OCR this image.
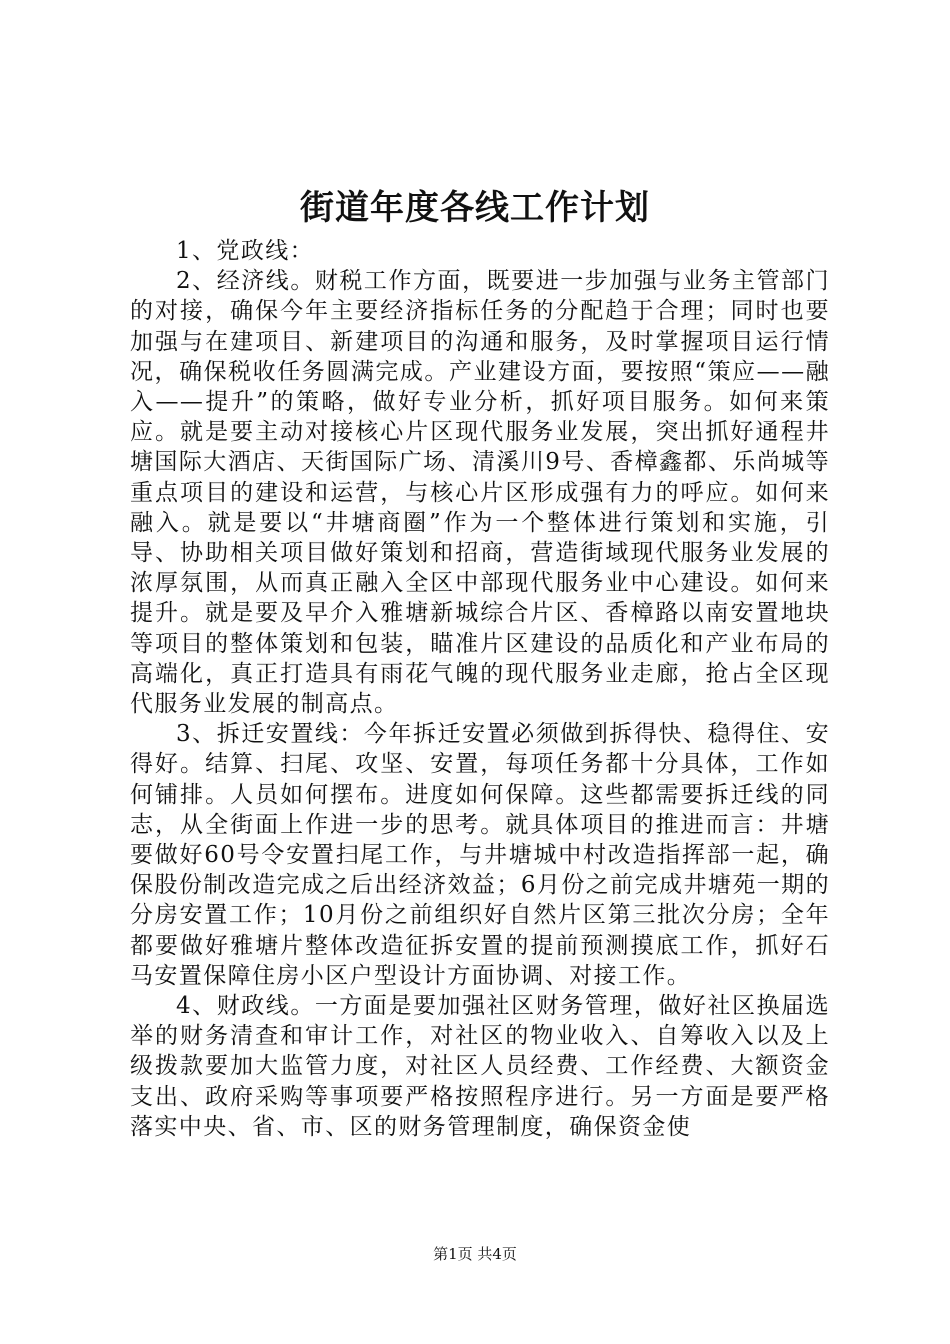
街道年度各线工作计划

1、党政线：

2、经济线。财税工作方面，既要进一步加强与业务主管部门的对接，确保今年主要经济指标任务的分配趋于合理；同时也要加强与在建项目、新建项目的沟通和服务，及时掌握项目运行情况，确保税收任务圆满完成。产业建设方面，要按照“策应——融入——提升”的策略，做好专业分析，抓好项目服务。如何来策应。就是要主动对接核心片区现代服务业发展，突出抓好通程井塘国际大酒店、天街国际广场、清溪川9号、香樟鑫都、乐尚城等重点项目的建设和运营，与核心片区形成强有力的呼应。如何来融入。就是要以“井塘商圈”作为一个整体进行策划和实施，引导、协助相关项目做好策划和招商，营造街域现代服务业发展的浓厚氛围，从而真正融入全区中部现代服务业中心建设。如何来提升。就是要及早介入雅塘新城综合片区、香樟路以南安置地块等项目的整体策划和包装，瞄准片区建设的品质化和产业布局的高端化，真正打造具有雨花气魄的现代服务业走廊，抢占全区现代服务业发展的制高点。

3、拆迁安置线：今年拆迁安置必须做到拆得快、稳得住、安得好。结算、扫尾、攻坚、安置，每项任务都十分具体，工作如何铺排。人员如何摆布。进度如何保障。这些都需要拆迁线的同志，从全街面上作进一步的思考。就具体项目的推进而言：井塘要做好60号令安置扫尾工作，与井塘城中村改造指挥部一起，确保股份制改造完成之后出经济效益；6月份之前完成井塘苑一期的分房安置工作；10月份之前组织好自然片区第三批次分房；全年都要做好雅塘片整体改造征拆安置的提前预测摸底工作，抓好石马安置保障住房小区户型设计方面协调、对接工作。

4、财政线。一方面是要加强社区财务管理，做好社区换届选举的财务清查和审计工作，对社区的物业收入、自筹收入以及上级拨款要加大监管力度，对社区人员经费、工作经费、大额资金支出、政府采购等事项要严格按照程序进行。另一方面是要严格落实中央、省、市、区的财务管理制度，确保资金使

第1页 共4页
